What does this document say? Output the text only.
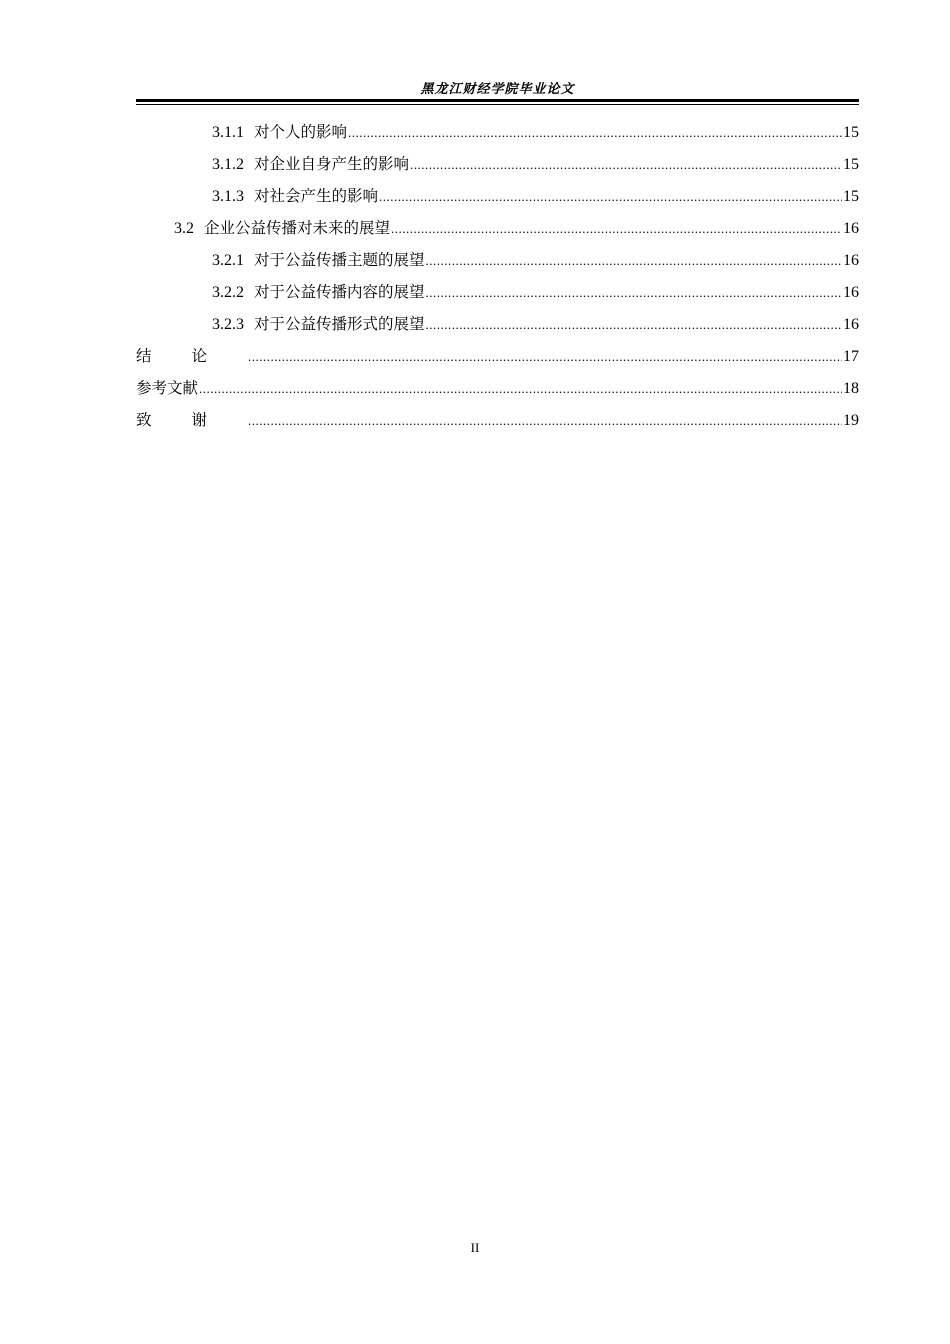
黑龙江财经学院毕业论文
3.1.1 对个人的影响 .....	15
3.1.2 对企业自身产生的影响 .....	15
3.1.3 对社会产生的影响 .....	15
3.2 企业公益传播对未来的展望 .....	16
3.2.1 对于公益传播主题的展望 .....	16
3.2.2 对于公益传播内容的展望 .....	16
3.2.3 对于公益传播形式的展望 .....	16
结论 .....	17
参考文献 .....	18
致谢 .....	19
II
